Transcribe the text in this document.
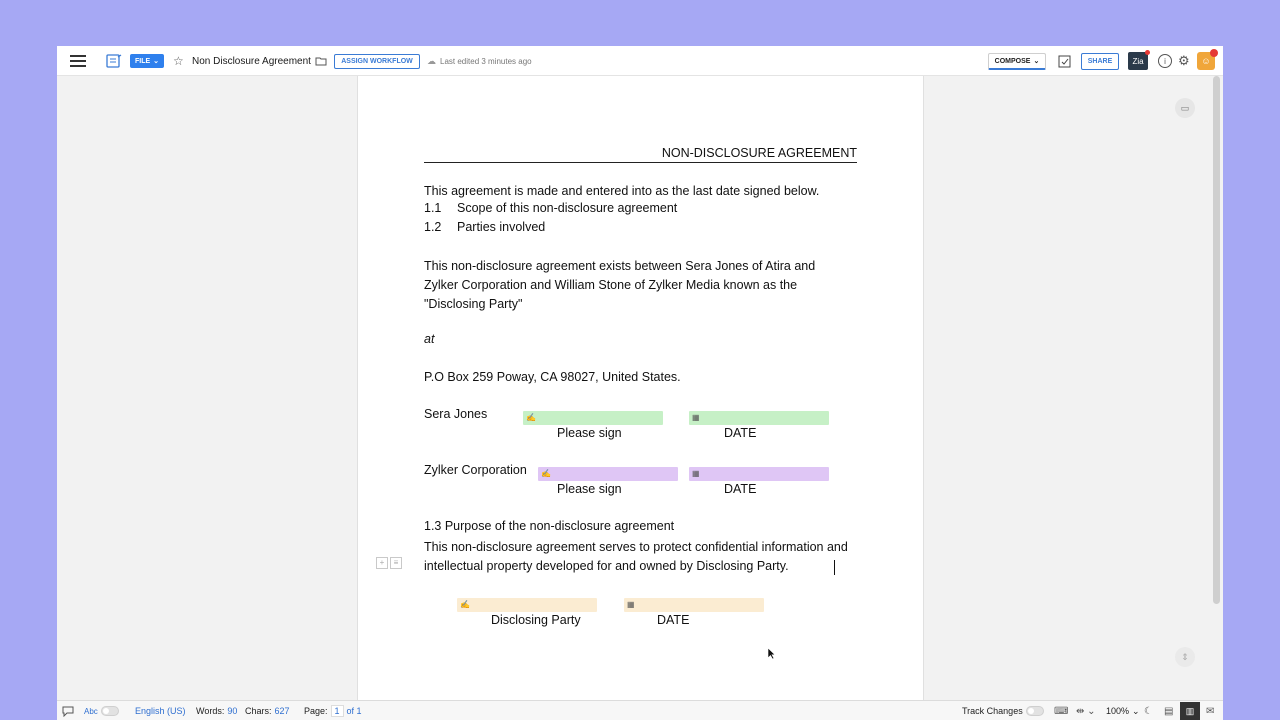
FILE ⌄ ☆ Non Disclosure Agreement	ASSIGN WORKFLOW	☁ Last edited 3 minutes ago	COMPOSE ⌄	SHARE	Zia	i ⚙	☺
NON-DISCLOSURE AGREEMENT
This agreement is made and entered into as the last date signed below.
1.1 Scope of this non-disclosure agreement
1.2 Parties involved
This non-disclosure agreement exists between Sera Jones of Atira and Zylker Corporation and William Stone of Zylker Media known as the "Disclosing Party"
at
P.O Box 259 Poway, CA 98027, United States.
Sera Jones	✍	▦
Please sign	DATE
Zylker Corporation ✍	▦
Please sign	DATE
1.3 Purpose of the non-disclosure agreement
This non-disclosure agreement serves to protect confidential information and intellectual property developed for and owned by Disclosing Party.
+	≡
✍	▦
Disclosing Party	DATE
▭
⇕
Abc	English (US) Words: 90 Chars: 627 Page: 1 of 1	Track Changes	⌨ ⇹ ⌄ 100% ⌄ ☾ ▤	▥	✉
